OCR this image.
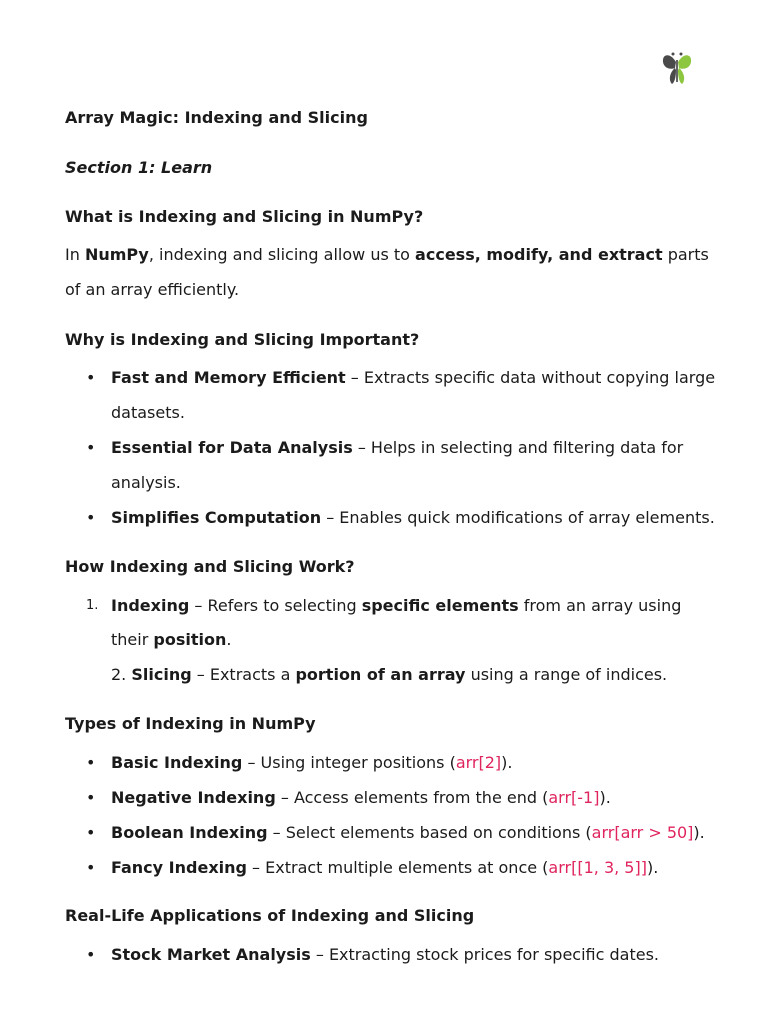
Array Magic: Indexing and Slicing

Section 1: Learn

What is Indexing and Slicing in NumPy?

In NumPy, indexing and slicing allow us to access, modify, and extract parts

of an array efficiently.

Why is Indexing and Slicing Important?

• Fast and Memory Efficient – Extracts specific data without copying large

datasets.

• Essential for Data Analysis – Helps in selecting and filtering data for

analysis.

• Simplifies Computation – Enables quick modifications of array elements.

How Indexing and Slicing Work?

1. Indexing – Refers to selecting specific elements from an array using

their position.

2. Slicing – Extracts a portion of an array using a range of indices.

Types of Indexing in NumPy

• Basic Indexing – Using integer positions (arr[2]).

• Negative Indexing – Access elements from the end (arr[-1]).

• Boolean Indexing – Select elements based on conditions (arr[arr > 50]).

• Fancy Indexing – Extract multiple elements at once (arr[[1, 3, 5]]).

Real-Life Applications of Indexing and Slicing

• Stock Market Analysis – Extracting stock prices for specific dates.
